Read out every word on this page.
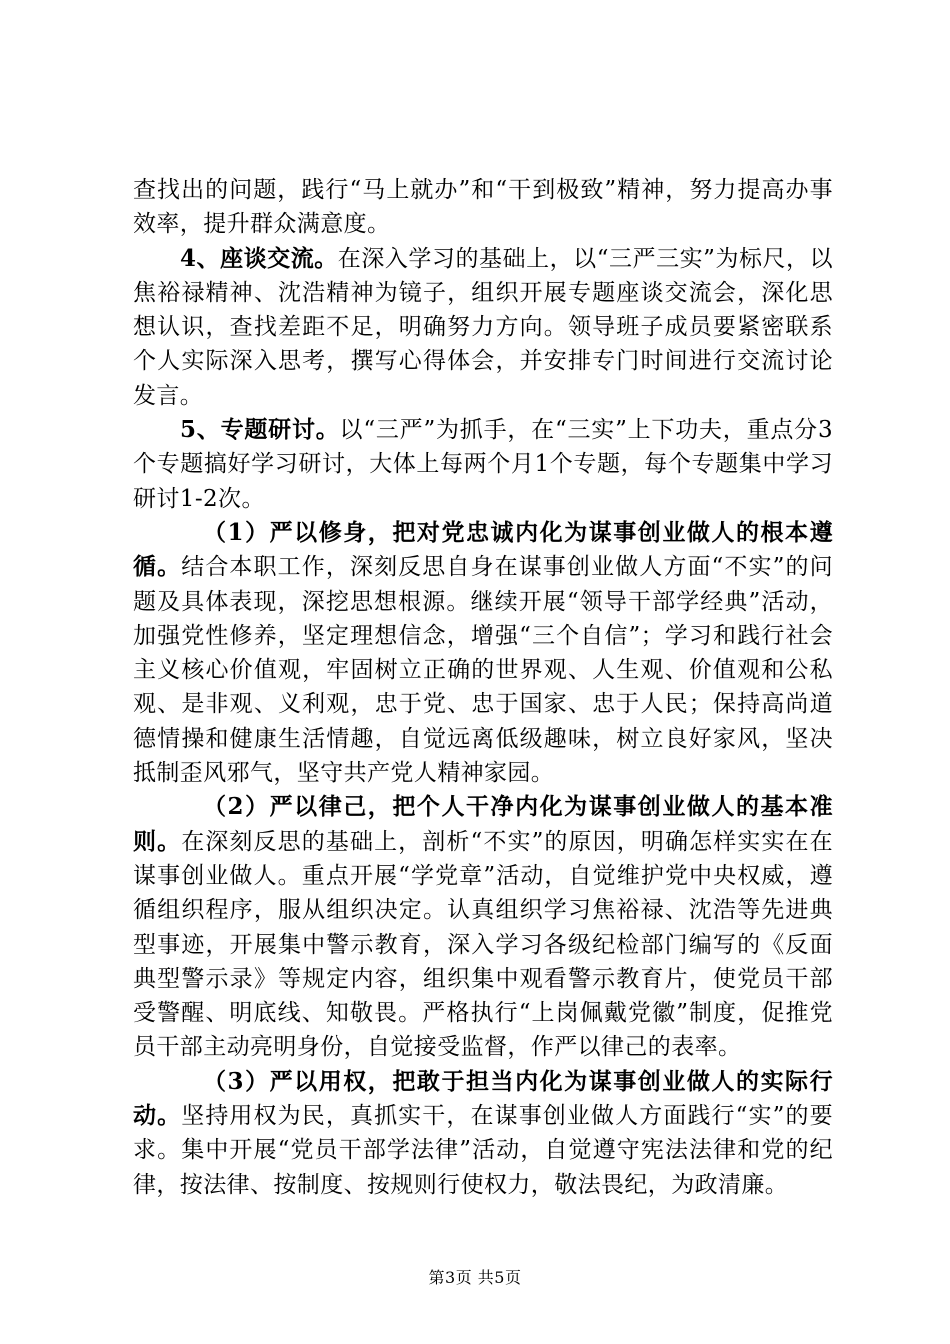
查找出的问题，践行“马上就办”和“干到极致”精神，努力提高办事效率，提升群众满意度。

4、座谈交流。在深入学习的基础上，以“三严三实”为标尺，以焦裕禄精神、沈浩精神为镜子，组织开展专题座谈交流会，深化思想认识，查找差距不足，明确努力方向。领导班子成员要紧密联系个人实际深入思考，撰写心得体会，并安排专门时间进行交流讨论发言。

5、专题研讨。以“三严”为抓手，在“三实”上下功夫，重点分3个专题搞好学习研讨，大体上每两个月1个专题，每个专题集中学习研讨1-2次。

（1）严以修身，把对党忠诚内化为谋事创业做人的根本遵循。结合本职工作，深刻反思自身在谋事创业做人方面“不实”的问题及具体表现，深挖思想根源。继续开展“领导干部学经典”活动，加强党性修养，坚定理想信念，增强“三个自信”；学习和践行社会主义核心价值观，牢固树立正确的世界观、人生观、价值观和公私观、是非观、义利观，忠于党、忠于国家、忠于人民；保持高尚道德情操和健康生活情趣，自觉远离低级趣味，树立良好家风，坚决抵制歪风邪气，坚守共产党人精神家园。

（2）严以律己，把个人干净内化为谋事创业做人的基本准则。在深刻反思的基础上，剖析“不实”的原因，明确怎样实实在在谋事创业做人。重点开展“学党章”活动，自觉维护党中央权威，遵循组织程序，服从组织决定。认真组织学习焦裕禄、沈浩等先进典型事迹，开展集中警示教育，深入学习各级纪检部门编写的《反面典型警示录》等规定内容，组织集中观看警示教育片，使党员干部受警醒、明底线、知敬畏。严格执行“上岗佩戴党徽”制度，促推党员干部主动亮明身份，自觉接受监督，作严以律己的表率。

（3）严以用权，把敢于担当内化为谋事创业做人的实际行动。坚持用权为民，真抓实干，在谋事创业做人方面践行“实”的要求。集中开展“党员干部学法律”活动，自觉遵守宪法法律和党的纪律，按法律、按制度、按规则行使权力，敬法畏纪，为政清廉。

第3页 共5页
